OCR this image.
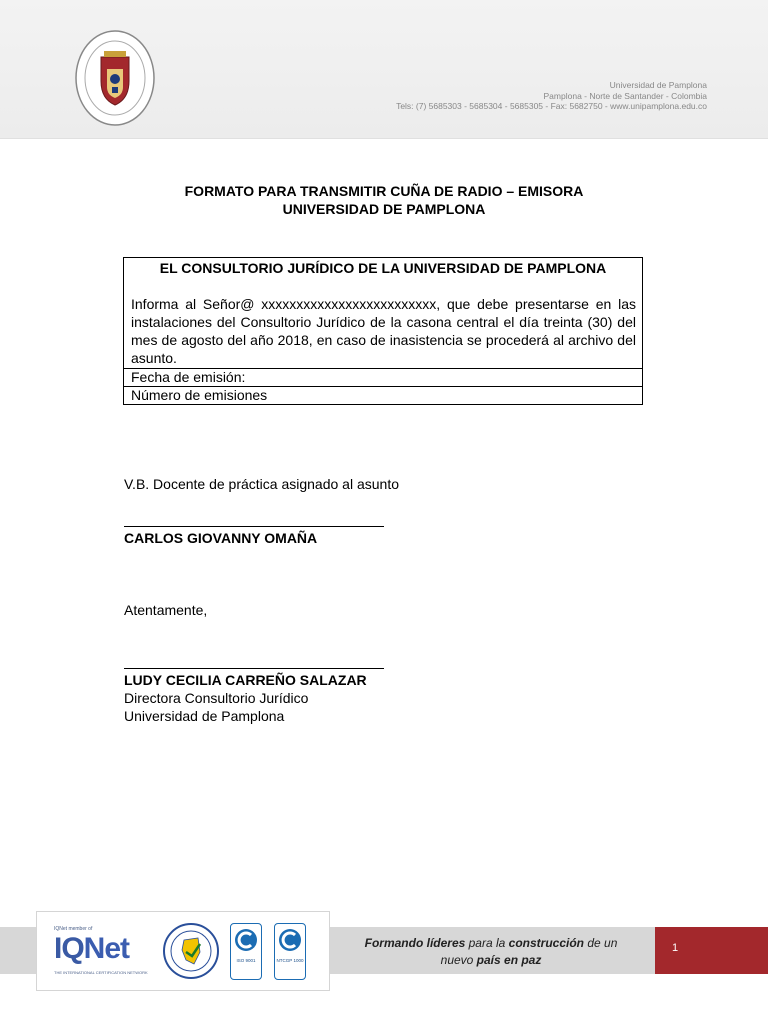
Universidad de Pamplona
Pamplona - Norte de Santander - Colombia
Tels: (7) 5685303 - 5685304 - 5685305 - Fax: 5682750 - www.unipamplona.edu.co
FORMATO PARA TRANSMITIR CUÑA DE RADIO – EMISORA
UNIVERSIDAD DE PAMPLONA
EL CONSULTORIO JURÍDICO DE LA UNIVERSIDAD DE PAMPLONA
Informa al Señor@ xxxxxxxxxxxxxxxxxxxxxxxxx, que debe presentarse en las instalaciones del Consultorio Jurídico de la casona central el día treinta (30) del mes de agosto del año 2018, en caso de inasistencia se procederá al archivo del asunto.
Fecha de emisión:
Número de emisiones
V.B. Docente de práctica asignado al asunto
CARLOS GIOVANNY OMAÑA
Atentamente,
LUDY CECILIA CARREÑO SALAZAR
Directora Consultorio Jurídico
Universidad de Pamplona
1
Formando líderes para la construcción de un
nuevo país en paz
IQNet member of
IQNet
THE INTERNATIONAL CERTIFICATION NETWORK
ISO 9001	NTCGP 1000
